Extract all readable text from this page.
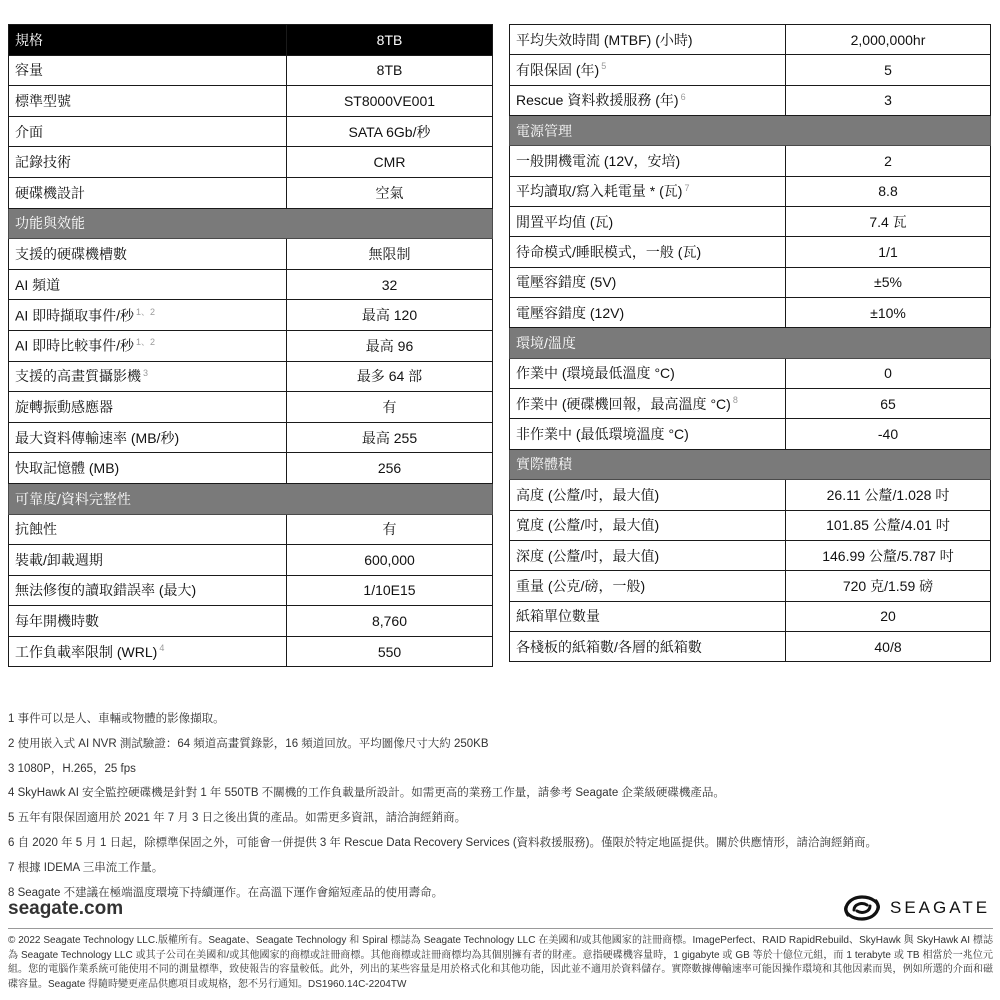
規格	8TB
容量	8TB
標準型號	ST8000VE001
介面	SATA 6Gb/秒
記錄技術	CMR
硬碟機設計	空氣
功能與效能	
支援的硬碟機槽數	無限制
AI 頻道	32
AI 即時擷取事件/秒 $^{1、2}$	最高 120
AI 即時比較事件/秒 $^{1、2}$	最高 96
支援的高畫質攝影機 $^3$	最多 64 部
旋轉振動感應器	有
最大資料傳輸速率 (MB/秒)	最高 255
快取記憶體 (MB)	256
可靠度/資料完整性	
抗蝕性	有
裝載/卸載週期	600,000
無法修復的讀取錯誤率 (最大)	1/10E15
每年開機時數	8,760
工作負載率限制 (WRL) $^4$	550
平均失效時間 (MTBF) (小時)	2,000,000hr
有限保固 (年) $^5$	5
Rescue 資料救援服務 (年) $^6$	3
電源管理	
一般開機電流 (12V，安培)	2
平均讀取/寫入耗電量 * (瓦) $^7$	8.8
閒置平均值 (瓦)	7.4 瓦
待命模式/睡眠模式，一般 (瓦)	1/1
電壓容錯度 (5V)	±5%
電壓容錯度 (12V)	±10%
環境/溫度	
作業中 (環境最低溫度 °C)	0
作業中 (硬碟機回報，最高溫度 °C) $^8$	65
非作業中 (最低環境溫度 °C)	-40
實際體積	
高度 (公釐/吋，最大值)	26.11 公釐/1.028 吋
寬度 (公釐/吋，最大值)	101.85 公釐/4.01 吋
深度 (公釐/吋，最大值)	146.99 公釐/5.787 吋
重量 (公克/磅，一般)	720 克/1.59 磅
紙箱單位數量	20
各棧板的紙箱數/各層的紙箱數	40/8
1 事件可以是人、車輛或物體的影像擷取。
2 使用嵌入式 AI NVR 測試驗證：64 頻道高畫質錄影，16 頻道回放。平均圖像尺寸大約 250KB
3 1080P，H.265，25 fps
4 SkyHawk AI 安全監控硬碟機是針對 1 年 550TB 不關機的工作負載量所設計。如需更高的業務工作量，請參考 Seagate 企業級硬碟機產品。
5 五年有限保固適用於 2021 年 7 月 3 日之後出貨的產品。如需更多資訊，請洽詢經銷商。
6 自 2020 年 5 月 1 日起，除標準保固之外，可能會一併提供 3 年 Rescue Data Recovery Services (資料救援服務)。僅限於特定地區提供。關於供應情形，請洽詢經銷商。
7 根據 IDEMA 三串流工作量。
8 Seagate 不建議在極端溫度環境下持續運作。在高溫下運作會縮短產品的使用壽命。
seagate.com	SEAGATE
© 2022 Seagate Technology LLC.版權所有。Seagate、Seagate Technology 和 Spiral 標誌為 Seagate Technology LLC 在美國和/或其他國家的註冊商標。ImagePerfect、RAID RapidRebuild、SkyHawk 與 SkyHawk AI 標誌為 Seagate Technology LLC 或其子公司在美國和/或其他國家的商標或註冊商標。其他商標或註冊商標均為其個別擁有者的財產。意指硬碟機容量時，1 gigabyte 或 GB 等於十億位元組，而 1 terabyte 或 TB 相當於一兆位元組。您的電腦作業系統可能使用不同的測量標準，致使報告的容量較低。此外，列出的某些容量是用於格式化和其他功能，因此並不適用於資料儲存。實際數據傳輸速率可能因操作環境和其他因素而異，例如所選的介面和磁碟容量。Seagate 得隨時變更產品供應項目或規格，恕不另行通知。DS1960.14C-2204TW
